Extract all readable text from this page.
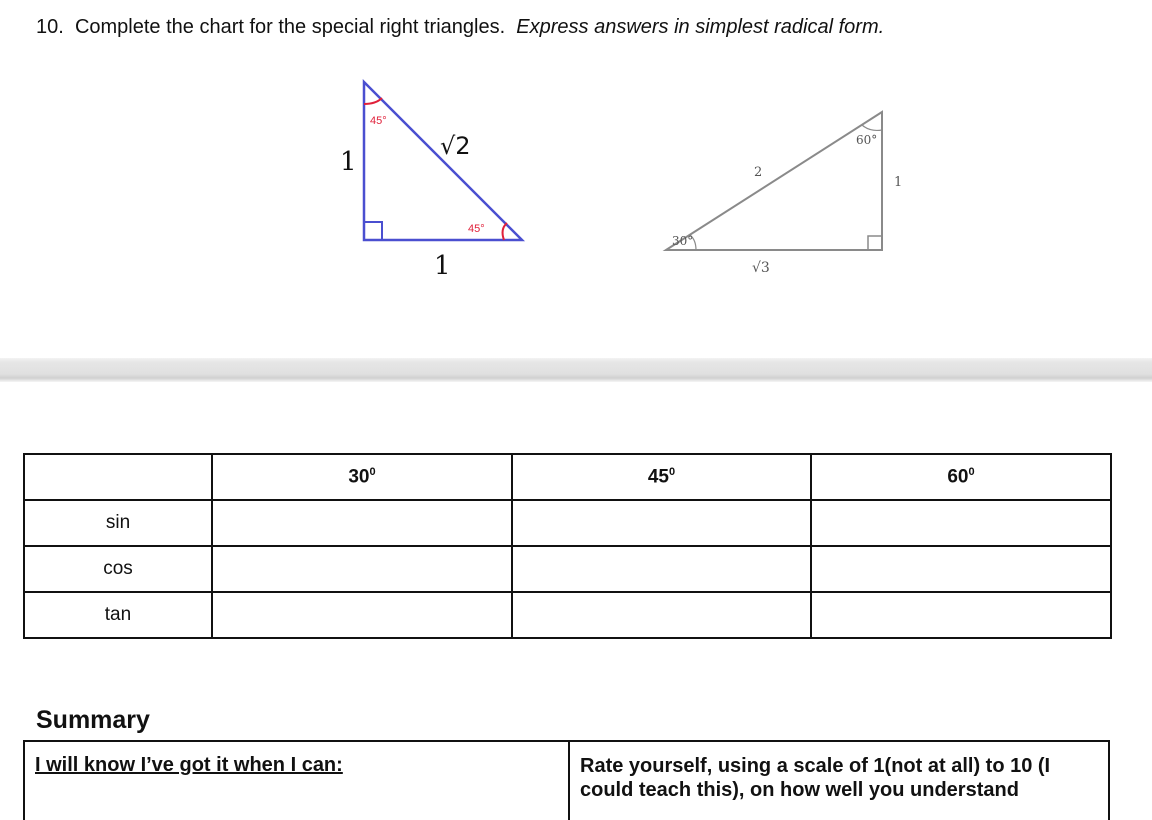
10. Complete the chart for the special right triangles. Express answers in simplest radical form.
45°
45°
1
1
√2
30°
60°
2
1
√3
	$30^0$	$45^0$	$60^0$
sin			
cos			
tan			
Summary
I will know I’ve got it when I can:	Rate yourself, using a scale of 1(not at all) to 10 (I could teach this), on how well you understand
